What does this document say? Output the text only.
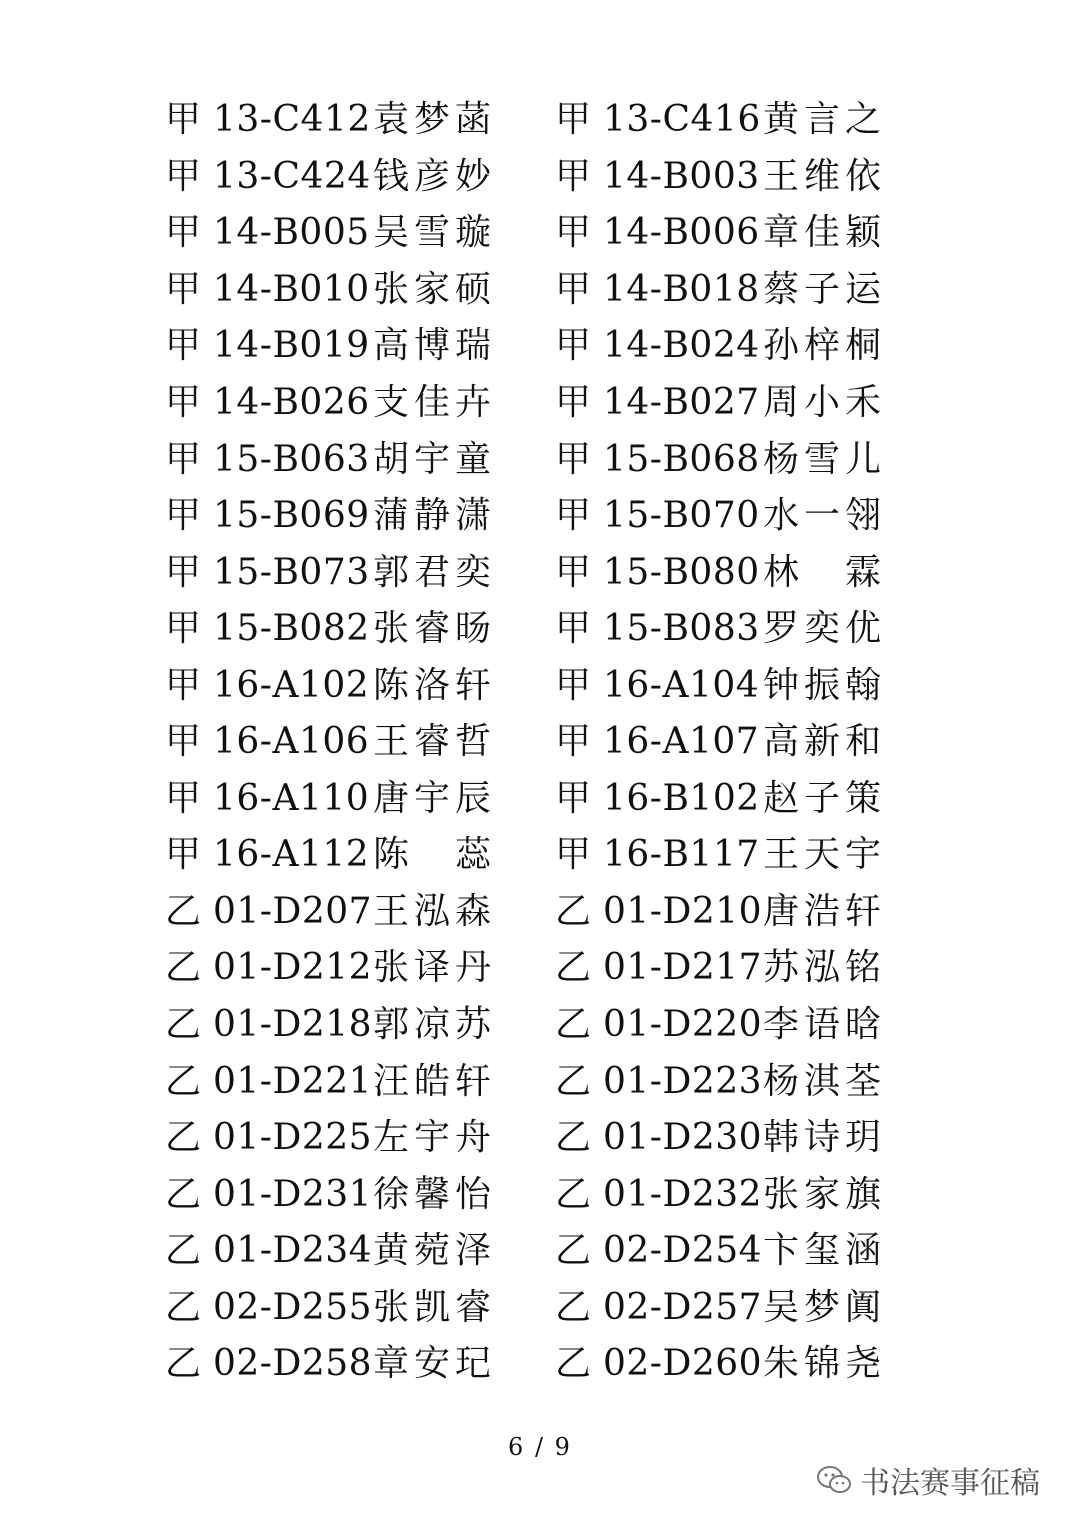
甲 13-C412 袁梦菡 甲 13-C416 黄言之
甲 13-C424 钱彦妙 甲 14-B003 王维依
甲 14-B005 吴雪璇 甲 14-B006 章佳颖
甲 14-B010 张家硕 甲 14-B018 蔡子运
甲 14-B019 高博瑞 甲 14-B024 孙梓桐
甲 14-B026 支佳卉 甲 14-B027 周小禾
甲 15-B063 胡宇童 甲 15-B068 杨雪儿
甲 15-B069 蒲静潇 甲 15-B070 水一翎
甲 15-B073 郭君奕 甲 15-B080 林 霖
甲 15-B082 张睿旸 甲 15-B083 罗奕优
甲 16-A102 陈洛轩 甲 16-A104 钟振翰
甲 16-A106 王睿哲 甲 16-A107 高新和
甲 16-A110 唐宇辰 甲 16-B102 赵子策
甲 16-A112 陈 蕊 甲 16-B117 王天宇
乙 01-D207 王泓森 乙 01-D210 唐浩轩
乙 01-D212 张译丹 乙 01-D217 苏泓铭
乙 01-D218 郭凉苏 乙 01-D220 李语晗
乙 01-D221 汪皓轩 乙 01-D223 杨淇荃
乙 01-D225 左宇舟 乙 01-D230 韩诗玥
乙 01-D231 徐馨怡 乙 01-D232 张家旗
乙 01-D234 黄菀泽 乙 02-D254 卞玺涵
乙 02-D255 张凯睿 乙 02-D257 吴梦阗
乙 02-D258 章安玘 乙 02-D260 朱锦尧
6 / 9
书法赛事征稿
